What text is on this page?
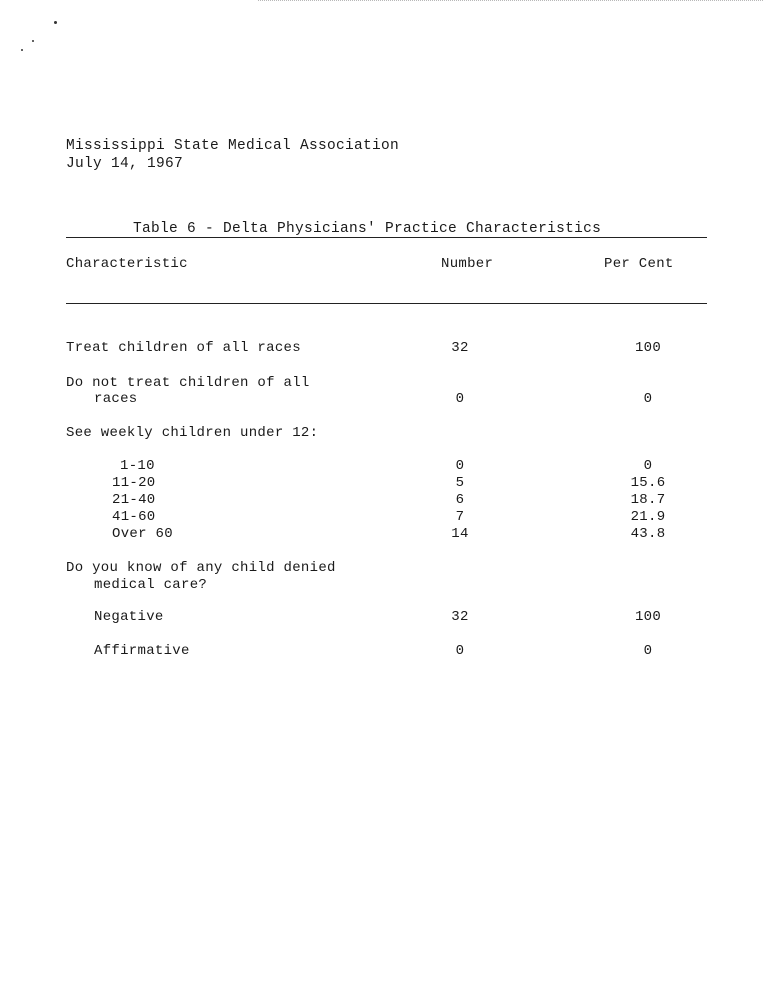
Mississippi State Medical Association
July 14, 1967
Table 6 - Delta Physicians' Practice Characteristics
Characteristic	Number	Per Cent
Treat children of all races	32	100
Do not treat children of all
races	0	0
See weekly children under 12:
1-10	0	0
11-20	5	15.6
21-40	6	18.7
41-60	7	21.9
Over 60	14	43.8
Do you know of any child denied
medical care?
Negative	32	100
Affirmative	0	0
